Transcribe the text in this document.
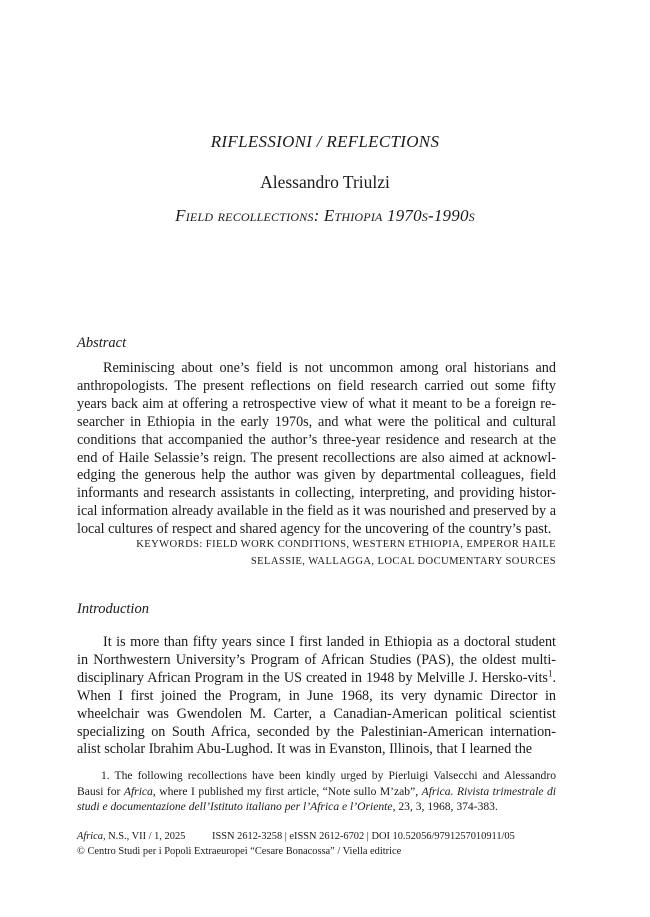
RIFLESSIONI / REFLECTIONS
Alessandro Triulzi
Field recollections: Ethiopia 1970s-1990s
Abstract

Reminiscing about one’s field is not uncommon among oral historians and anthropologists. The present reflections on field research carried out some fifty years back aim at offering a retrospective view of what it meant to be a foreign re-searcher in Ethiopia in the early 1970s, and what were the political and cultural conditions that accompanied the author’s three-year residence and research at the end of Haile Selassie’s reign. The present recollections are also aimed at acknowl-edging the generous help the author was given by departmental colleagues, field informants and research assistants in collecting, interpreting, and providing histor-ical information already available in the field as it was nourished and preserved by a local cultures of respect and shared agency for the uncovering of the country’s past.

KEYWORDS: FIELD WORK CONDITIONS, WESTERN ETHIOPIA, EMPEROR HAILE
SELASSIE, WALLAGGA, LOCAL DOCUMENTARY SOURCES
Introduction

It is more than fifty years since I first landed in Ethiopia as a doctoral student in Northwestern University’s Program of African Studies (PAS), the oldest multi-disciplinary African Program in the US created in 1948 by Melville J. Hersko-vits$^1$. When I first joined the Program, in June 1968, its very dynamic Director in wheelchair was Gwendolen M. Carter, a Canadian-American political scientist specializing on South Africa, seconded by the Palestinian-American internation-alist scholar Ibrahim Abu-Lughod. It was in Evanston, Illinois, that I learned the

1. The following recollections have been kindly urged by Pierluigi Valsecchi and Alessandro Bausi for Africa, where I published my first article, “Note sullo M’zab”, Africa. Rivista trimestrale di studi e documentazione dell’Istituto italiano per l’Africa e l’Oriente, 23, 3, 1968, 374-383.

Africa, N.S., VII / 1, 2025	ISSN 2612-3258 | eISSN 2612-6702 | DOI 10.52056/9791257010911/05
© Centro Studi per i Popoli Extraeuropei “Cesare Bonacossa” / Viella editrice
